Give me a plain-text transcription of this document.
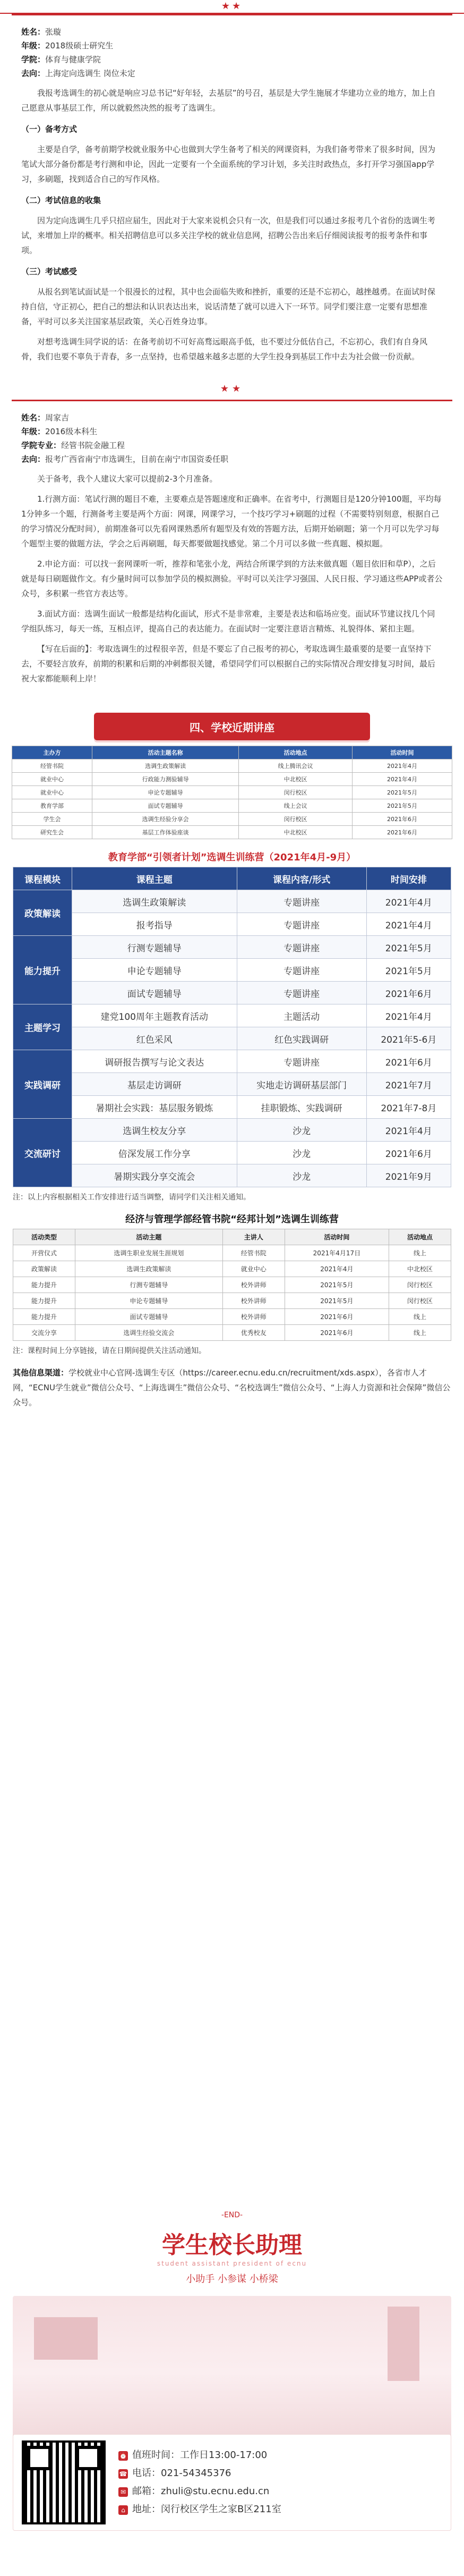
★★

姓名：张璇

年级：2018级硕士研究生

学院：体育与健康学院

去向：上海定向选调生 岗位未定

我报考选调生的初心就是响应习总书记“好年轻，去基层”的号召，基层是大学生施展才华建功立业的地方，加上自己愿意从事基层工作，所以就毅然决然的报考了选调生。

（一）备考方式

主要是自学，备考前期学校就业服务中心也做到大学生备考了相关的网课资料，为我们备考带来了很多时间，因为笔试大部分备份都是考行测和申论，因此一定要有一个全面系统的学习计划，多关注时政热点，多打开学习强国app学习，多刷题，找到适合自己的写作风格。

（二）考试信息的收集

因为定向选调生几乎只招应届生，因此对于大家来说机会只有一次，但是我们可以通过多报考几个省份的选调生考试，来增加上岸的概率。相关招聘信息可以多关注学校的就业信息网，招聘公告出来后仔细阅读报考的报考条件和事项。

（三）考试感受

从报名到笔试面试是一个很漫长的过程，其中也会面临失败和挫折，重要的还是不忘初心，越挫越勇。在面试时保持自信，守正初心，把自己的想法和认识表达出来，说话清楚了就可以进入下一环节。同学们要注意一定要有思想准备，平时可以多关注国家基层政策，关心百姓身边事。

对想考选调生同学说的话：在备考前切不可好高骛远眼高手低，也不要过分低估自己，不忘初心，我们有自身风骨，我们也要不辜负于青春，多一点坚持，也希望越来越多志愿的大学生投身到基层工作中去为社会做一份贡献。

★★

姓名：周家吉

年级：2016级本科生

学院专业：经管书院金融工程

去向：报考广西省南宁市选调生，目前在南宁市国资委任职

关于备考，我个人建议大家可以提前2-3个月准备。

1.行测方面：笔试行测的题目不难，主要难点是答题速度和正确率。在省考中，行测题目是120分钟100题，平均每1分钟多一个题，行测备考主要是两个方面：网课，网课学习，一个技巧学习+刷题的过程（不需要特别刻意，根据自己的学习情况分配时间），前期准备可以先看网课熟悉所有题型及有效的答题方法，后期开始刷题；第一个月可以先学习每个题型主要的做题方法，学会之后再刷题，每天都要做题找感觉。第二个月可以多做一些真题、模拟题。

2.申论方面：可以找一套网课听一听，推荐和笔张小龙，两结合所课学到的方法来做真题（题目依旧和草P），之后就是每日刷题做作文。有少量时间可以参加学员的模拟测验。平时可以关注学习强国、人民日报、学习通这些APP或者公众号，多积累一些官方表达等。

3.面试方面：选调生面试一般都是结构化面试，形式不是非常难，主要是表达和临场应变。面试环节建议找几个同学组队练习，每天一练，互相点评，提高自己的表达能力。在面试时一定要注意语言精炼、礼貌得体、紧扣主题。

【写在后面的】：考取选调生的过程很辛苦，但是不要忘了自己报考的初心，考取选调生最重要的是要一直坚持下去，不要轻言放弃，前期的积累和后期的冲刺都很关键，希望同学们可以根据自己的实际情况合理安排复习时间，最后祝大家都能顺利上岸！

四、学校近期讲座
主办方	活动主题名称	活动地点	活动时间
经管书院	选调生政策解读	线上腾讯会议	2021年4月
就业中心	行政能力测验辅导	中北校区	2021年4月
就业中心	申论专题辅导	闵行校区	2021年5月
教育学部	面试专题辅导	线上会议	2021年5月
学生会	选调生经验分享会	闵行校区	2021年6月
研究生会	基层工作体验座谈	中北校区	2021年6月
教育学部“引领者计划”选调生训练营（2021年4月-9月）
课程模块	课程主题	课程内容/形式	时间安排
政策解读	选调生政策解读	专题讲座	2021年4月
	报考指导	专题讲座	2021年4月
能力提升	行测专题辅导	专题讲座	2021年5月
	申论专题辅导	专题讲座	2021年5月
	面试专题辅导	专题讲座	2021年6月
主题学习	建党100周年主题教育活动	主题活动	2021年4月
	红色采风	红色实践调研	2021年5-6月
实践调研	调研报告撰写与论文表达	专题讲座	2021年6月
	基层走访调研	实地走访调研基层部门	2021年7月
	暑期社会实践：基层服务锻炼	挂职锻炼、实践调研	2021年7-8月
交流研讨	选调生校友分享	沙龙	2021年4月
	倍深发展工作分享	沙龙	2021年6月
	暑期实践分享交流会	沙龙	2021年9月
注：以上内容根据相关工作安排进行适当调整，请同学们关注相关通知。
经济与管理学部经管书院“经邦计划”选调生训练营
活动类型	活动主题	主讲人	活动时间	活动地点
开营仪式	选调生职业发展生涯规划	经管书院	2021年4月17日	线上
政策解读	选调生政策解读	就业中心	2021年4月	中北校区
能力提升	行测专题辅导	校外讲师	2021年5月	闵行校区
能力提升	申论专题辅导	校外讲师	2021年5月	闵行校区
能力提升	面试专题辅导	校外讲师	2021年6月	线上
交流分享	选调生经验交流会	优秀校友	2021年6月	线上
注：课程时间上分享链接，请在日期间提供关注活动通知。
其他信息渠道：学校就业中心官网-选调生专区（https://career.ecnu.edu.cn/recruitment/xds.aspx），各省市人才网，“ECNU学生就业”微信公众号、“上海选调生”微信公众号、“名校选调生”微信公众号、“上海人力资源和社会保障”微信公众号。
-END-
学生校长助理
student assistant president of ecnu
小助手 小参谋 小桥梁
⏰ 值班时间：工作日13:00-17:00
☎ 电话：021-54345376
✉ 邮箱：zhuli@stu.ecnu.edu.cn
⌂ 地址：闵行校区学生之家B区211室
